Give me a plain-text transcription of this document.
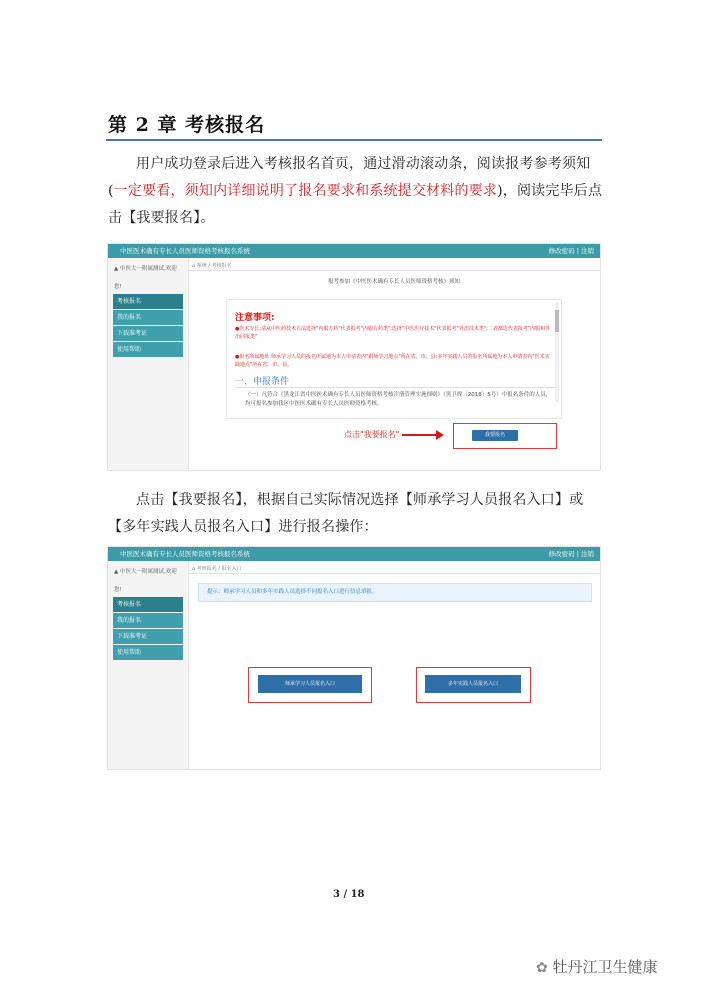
第 2 章 考核报名
用户成功登录后进入考核报名首页，通过滑动滚动条，阅读报考参考须知(一定要看，须知内详细说明了报名要求和系统提交材料的要求)，阅读完毕后点击【我要报名】。
中医医术确有专长人员医师资格考核报名系统	修改密码 | 注销
▲ 中医大一附属测试,欢迎
您!
考核报名
我的报名
下载准考证
使用帮助
⌂ 系统 / 考核报名
报考参加《中医医术确有专长人员医师资格考核》须知
注意事项:
●医术专长:请从中医药技术方法选择"内服方药"代表报考"内服方药类";选择"中医医疗技术"代表报考"外治技术类";二者都选代表报考"内服和外治同报类"
●报名所属地址:师承学习人员的报名所属地为本人申请表内"跟师学习地点"所在省、市、县;多年实践人员的报名所属地为本人申请表内"医术实践地点"所在省、市、县。
一、申报条件
（一）凡符合《黑龙江省中医医术确有专长人员医师资格考核注册管理实施细则》（黑卫规〔2018〕5号）中报名条件的人员，均可报名参加我区中医医术确有专长人员医师资格考核。
点击"我要报名"	我要报名
点击【我要报名】，根据自己实际情况选择【师承学习人员报名入口】或【多年实践人员报名入口】进行报名操作：
中医医术确有专长人员医师资格考核报名系统	修改密码 | 注销
▲ 中医大一附属测试,欢迎
您!
考核报名
我的报名
下载准考证
使用帮助
⌂ 考核报名 / 报名入口
提示：师承学习人员和多年实践人员选择不同报名入口进行信息填报。
师承学习人员报名入口	多年实践人员报名入口
3 / 18
✿ 牡丹江卫生健康
